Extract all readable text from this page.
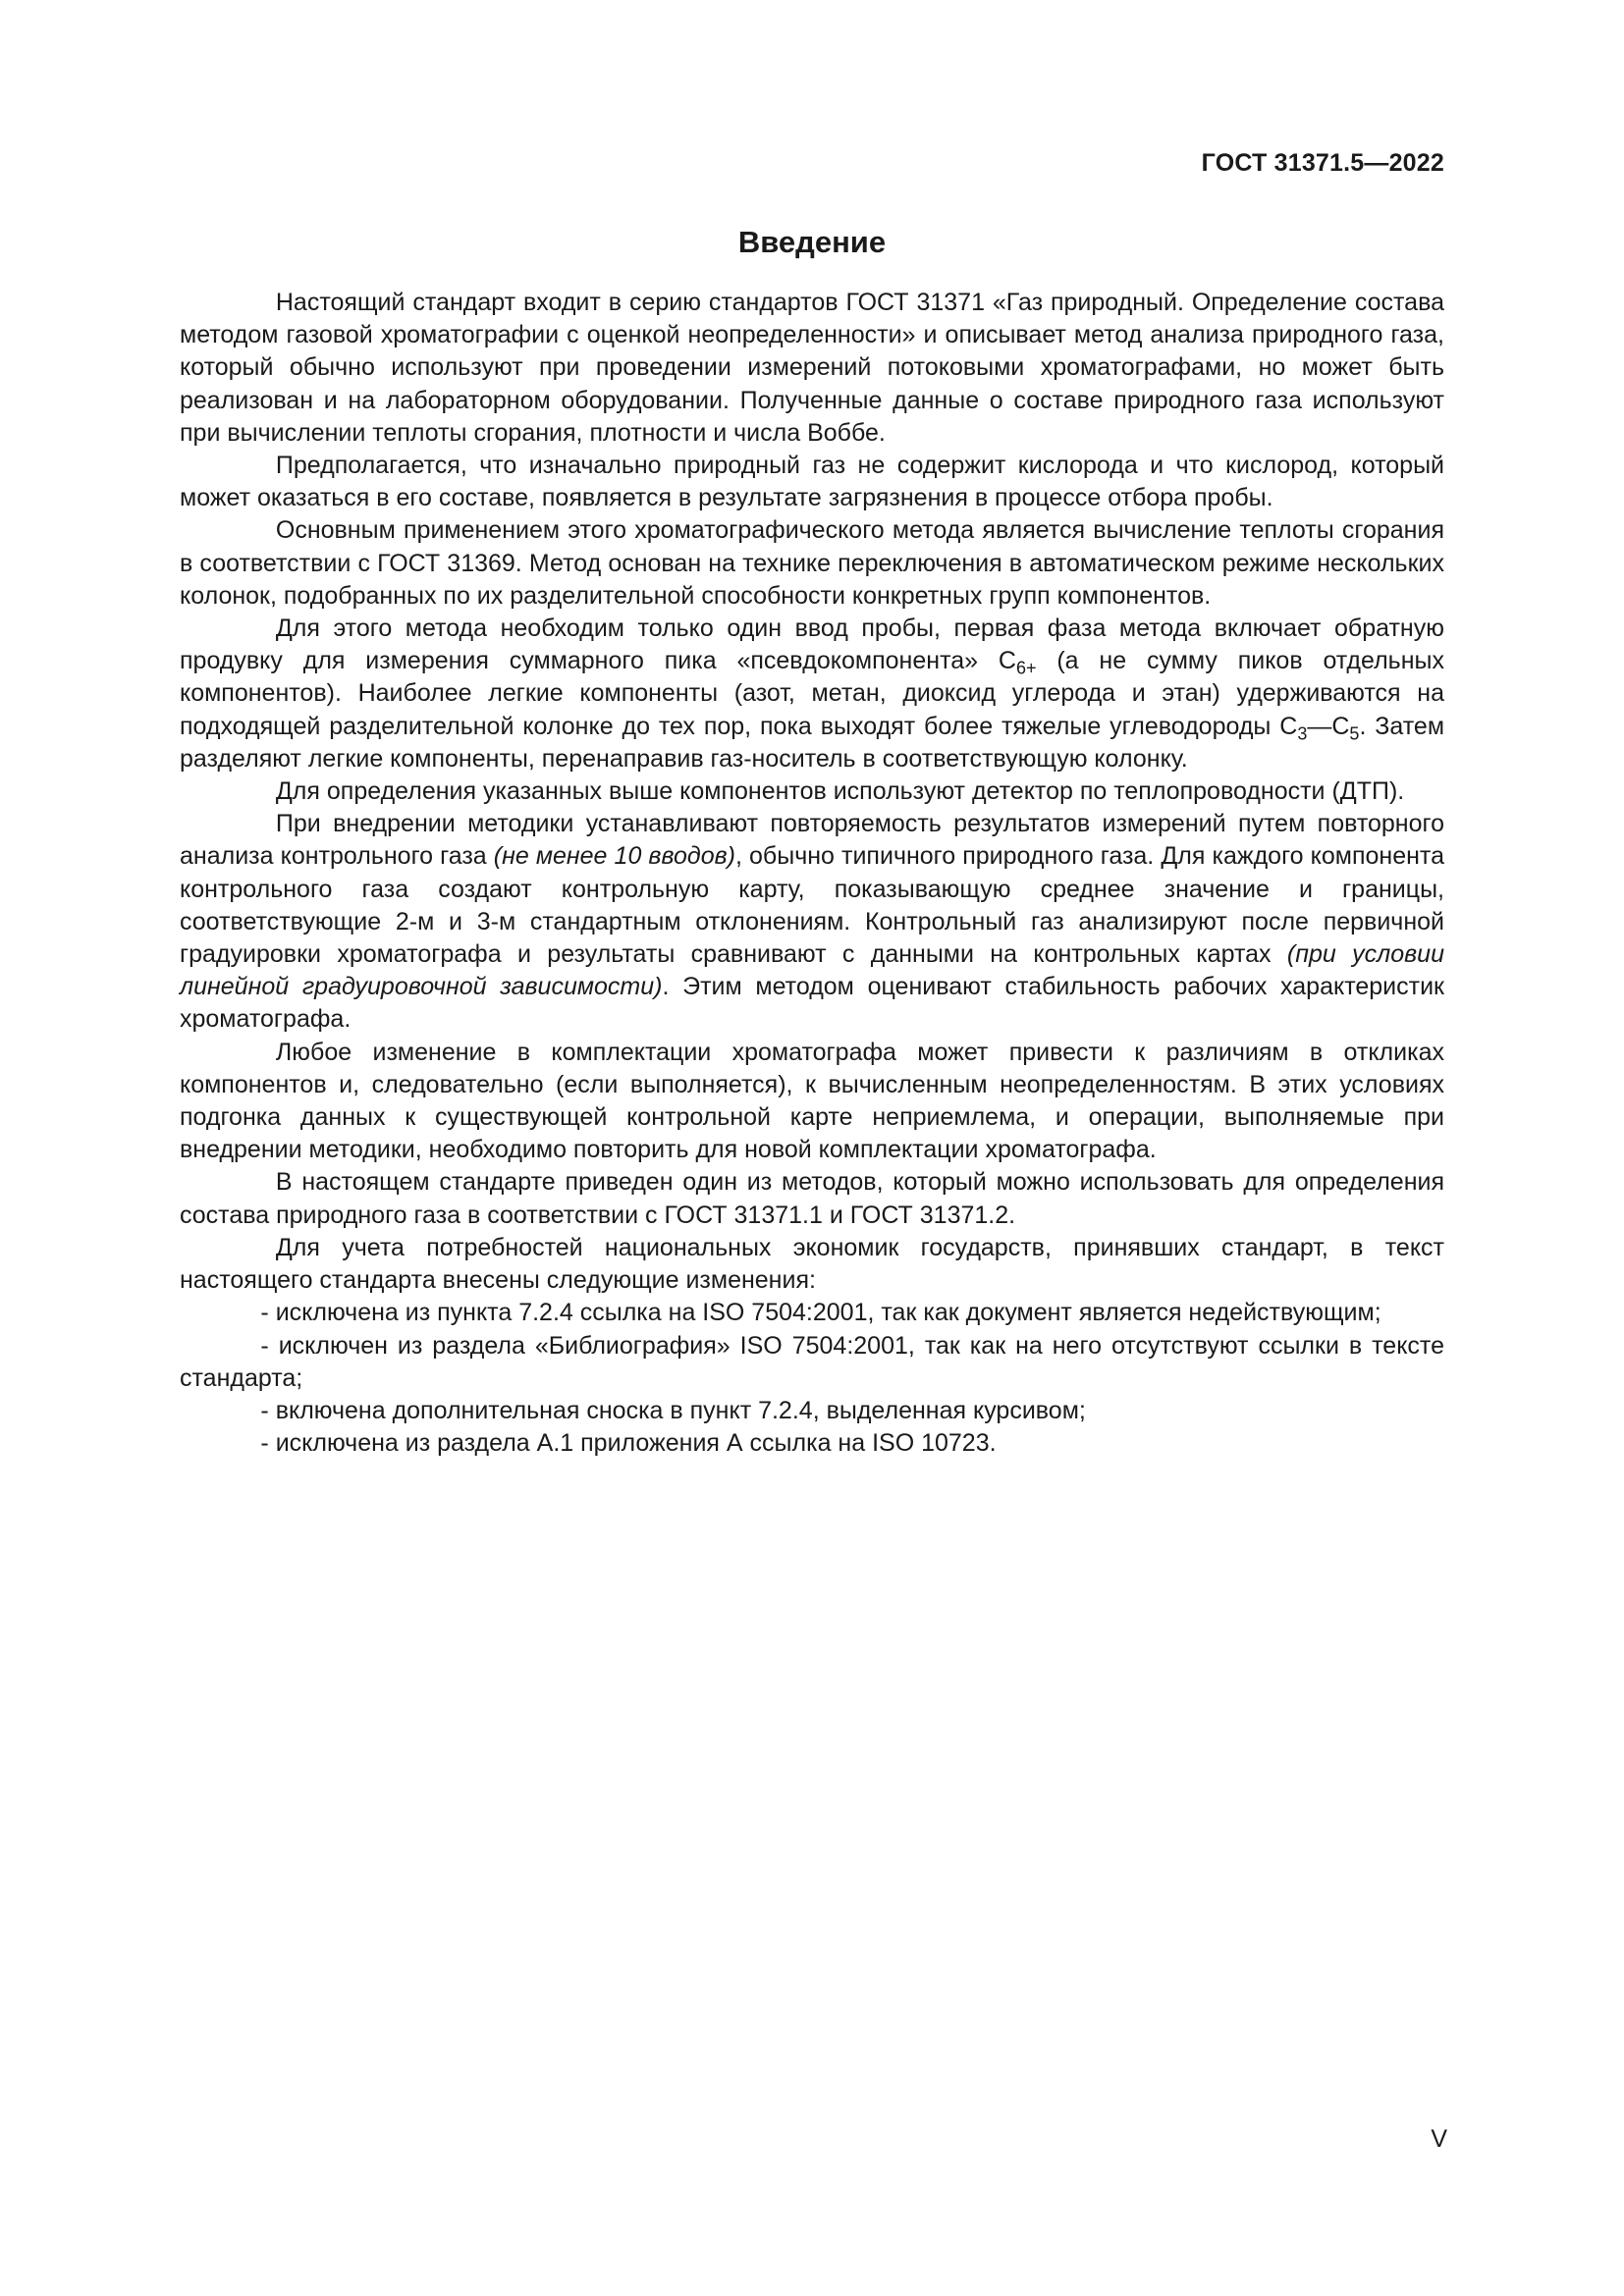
ГОСТ 31371.5—2022
Введение

Настоящий стандарт входит в серию стандартов ГОСТ 31371 «Газ природный. Определение состава методом газовой хроматографии с оценкой неопределенности» и описывает метод анализа природного газа, который обычно используют при проведении измерений потоковыми хроматографами, но может быть реализован и на лабораторном оборудовании. Полученные данные о составе природного газа используют при вычислении теплоты сгорания, плотности и числа Воббе.

Предполагается, что изначально природный газ не содержит кислорода и что кислород, который может оказаться в его составе, появляется в результате загрязнения в процессе отбора пробы.

Основным применением этого хроматографического метода является вычисление теплоты сгорания в соответствии с ГОСТ 31369. Метод основан на технике переключения в автоматическом режиме нескольких колонок, подобранных по их разделительной способности конкретных групп компонентов.

Для этого метода необходим только один ввод пробы, первая фаза метода включает обратную продувку для измерения суммарного пика «псевдокомпонента» $C_{6+}$ (а не сумму пиков отдельных компонентов). Наиболее легкие компоненты (азот, метан, диоксид углерода и этан) удерживаются на подходящей разделительной колонке до тех пор, пока выходят более тяжелые углеводороды $C_3—C_5$. Затем разделяют легкие компоненты, перенаправив газ-носитель в соответствующую колонку.

Для определения указанных выше компонентов используют детектор по теплопроводности (ДТП).

При внедрении методики устанавливают повторяемость результатов измерений путем повторного анализа контрольного газа (не менее 10 вводов), обычно типичного природного газа. Для каждого компонента контрольного газа создают контрольную карту, показывающую среднее значение и границы, соответствующие 2-м и 3-м стандартным отклонениям. Контрольный газ анализируют после первичной градуировки хроматографа и результаты сравнивают с данными на контрольных картах (при условии линейной градуировочной зависимости). Этим методом оценивают стабильность рабочих характеристик хроматографа.

Любое изменение в комплектации хроматографа может привести к различиям в откликах компонентов и, следовательно (если выполняется), к вычисленным неопределенностям. В этих условиях подгонка данных к существующей контрольной карте неприемлема, и операции, выполняемые при внедрении методики, необходимо повторить для новой комплектации хроматографа.

В настоящем стандарте приведен один из методов, который можно использовать для определения состава природного газа в соответствии с ГОСТ 31371.1 и ГОСТ 31371.2.

Для учета потребностей национальных экономик государств, принявших стандарт, в текст настоящего стандарта внесены следующие изменения:

- исключена из пункта 7.2.4 ссылка на ISO 7504:2001, так как документ является недействующим;

- исключен из раздела «Библиография» ISO 7504:2001, так как на него отсутствуют ссылки в тексте стандарта;

- включена дополнительная сноска в пункт 7.2.4, выделенная курсивом;

- исключена из раздела А.1 приложения А ссылка на ISO 10723.

V
